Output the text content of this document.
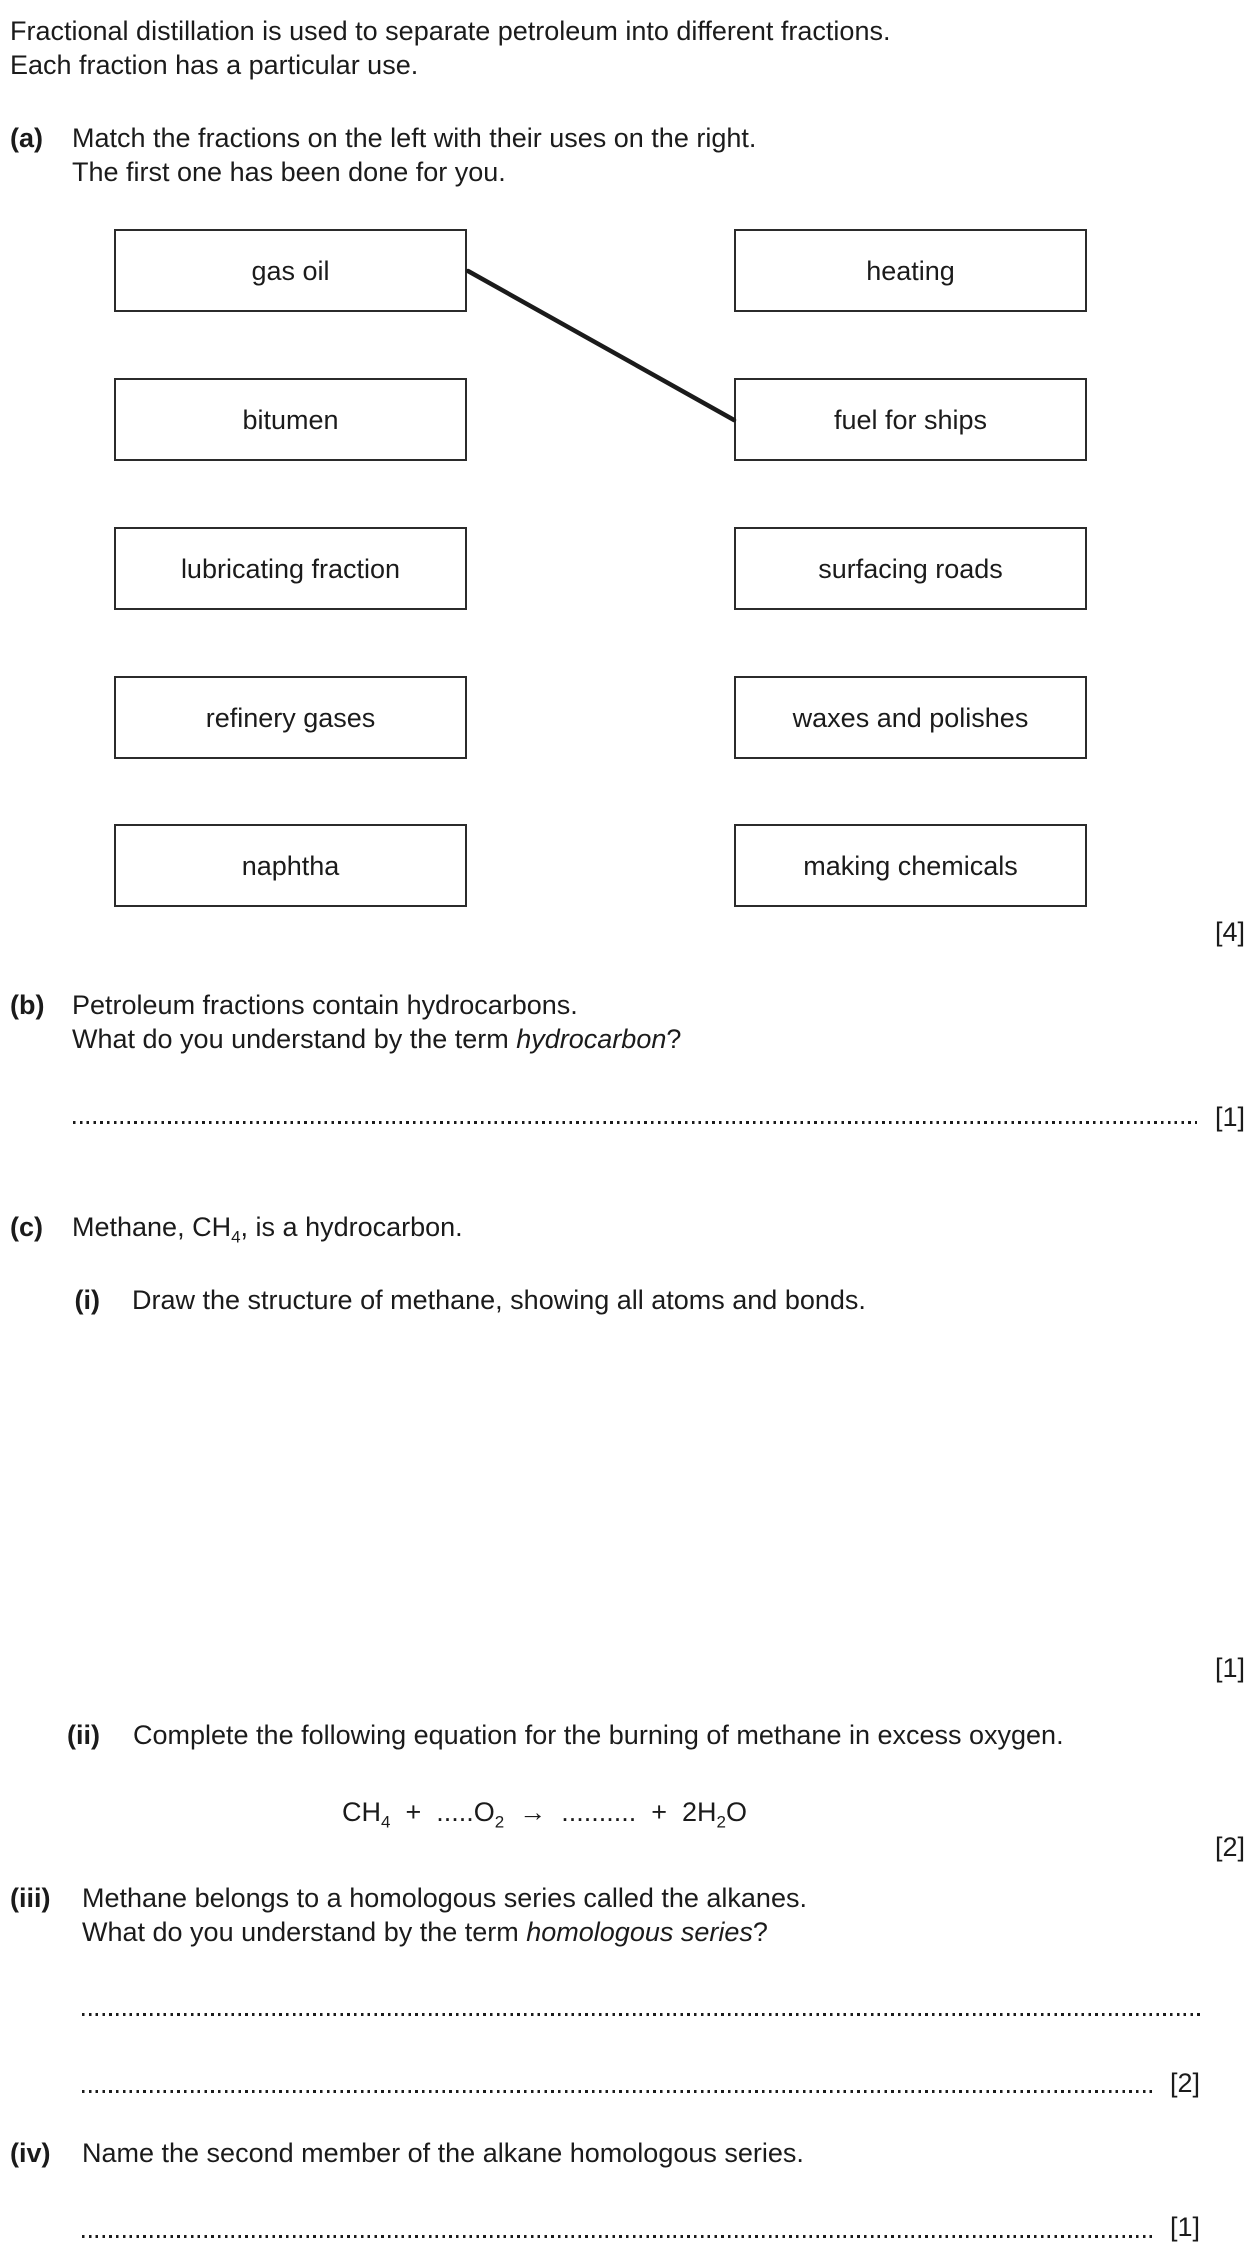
Fractional distillation is used to separate petroleum into different fractions.
Each fraction has a particular use.
(a) Match the fractions on the left with their uses on the right.
The first one has been done for you.
gas oil
bitumen
lubricating fraction
refinery gases
naphtha
heating
fuel for ships
surfacing roads
waxes and polishes
making chemicals
[4]
(b) Petroleum fractions contain hydrocarbons.
What do you understand by the term hydrocarbon?
[1]
(c) Methane, $CH_4$, is a hydrocarbon.
(i) Draw the structure of methane, showing all atoms and bonds.
[1]
(ii) Complete the following equation for the burning of methane in excess oxygen.
$CH_4 + .....O_2$  →  ..........  +  $2H_2O$
[2]
(iii) Methane belongs to a homologous series called the alkanes.
What do you understand by the term homologous series?
[2]
(iv) Name the second member of the alkane homologous series.
[1]
